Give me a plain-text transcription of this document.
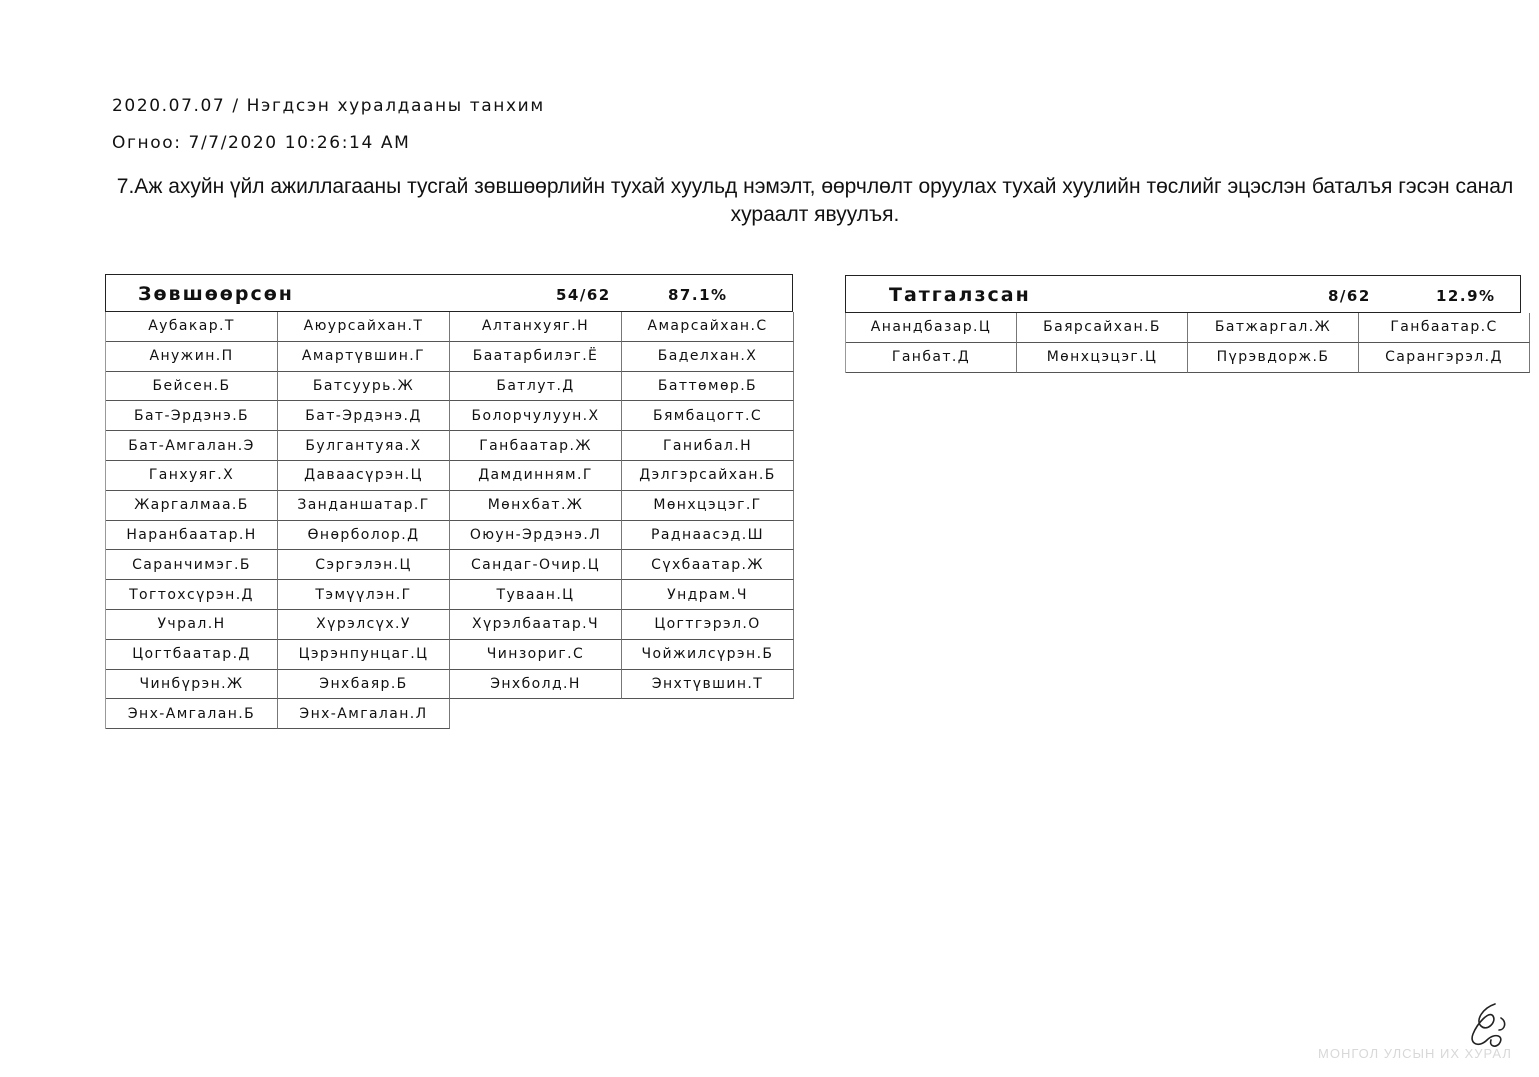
2020.07.07 / Нэгдсэн хуралдааны танхим
Огноо: 7/7/2020 10:26:14 AM
7.Аж ахуйн үйл ажиллагааны тусгай зөвшөөрлийн тухай хуульд нэмэлт, өөрчлөлт оруулах тухай хуулийн төслийг эцэслэн баталъя гэсэн санал хураалт явуулъя.
Зөвшөөрсөн	54/62	87.1%
Аубакар.Т	Аюурсайхан.Т	Алтанхуяг.Н	Амарсайхан.С
Анужин.П	Амартүвшин.Г	Баатарбилэг.Ё	Баделхан.Х
Бейсен.Б	Батсуурь.Ж	Батлут.Д	Баттөмөр.Б
Бат-Эрдэнэ.Б	Бат-Эрдэнэ.Д	Болорчулуун.Х	Бямбацогт.С
Бат-Амгалан.Э	Булгантуяа.Х	Ганбаатар.Ж	Ганибал.Н
Ганхуяг.Х	Даваасүрэн.Ц	Дамдинням.Г	Дэлгэрсайхан.Б
Жаргалмаа.Б	Занданшатар.Г	Мөнхбат.Ж	Мөнхцэцэг.Г
Наранбаатар.Н	Өнөрболор.Д	Оюун-Эрдэнэ.Л	Раднаасэд.Ш
Саранчимэг.Б	Сэргэлэн.Ц	Сандаг-Очир.Ц	Сүхбаатар.Ж
Тогтохсүрэн.Д	Тэмүүлэн.Г	Туваан.Ц	Ундрам.Ч
Учрал.Н	Хүрэлсүх.У	Хүрэлбаатар.Ч	Цогтгэрэл.О
Цогтбаатар.Д	Цэрэнпунцаг.Ц	Чинзориг.С	Чойжилсүрэн.Б
Чинбүрэн.Ж	Энхбаяр.Б	Энхболд.Н	Энхтүвшин.Т
Энх-Амгалан.Б	Энх-Амгалан.Л
Татгалзсан	8/62	12.9%
Анандбазар.Ц	Баярсайхан.Б	Батжаргал.Ж	Ганбаатар.С
Ганбат.Д	Мөнхцэцэг.Ц	Пүрэвдорж.Б	Сарангэрэл.Д
МОНГОЛ УЛСЫН ИХ ХУРАЛ
